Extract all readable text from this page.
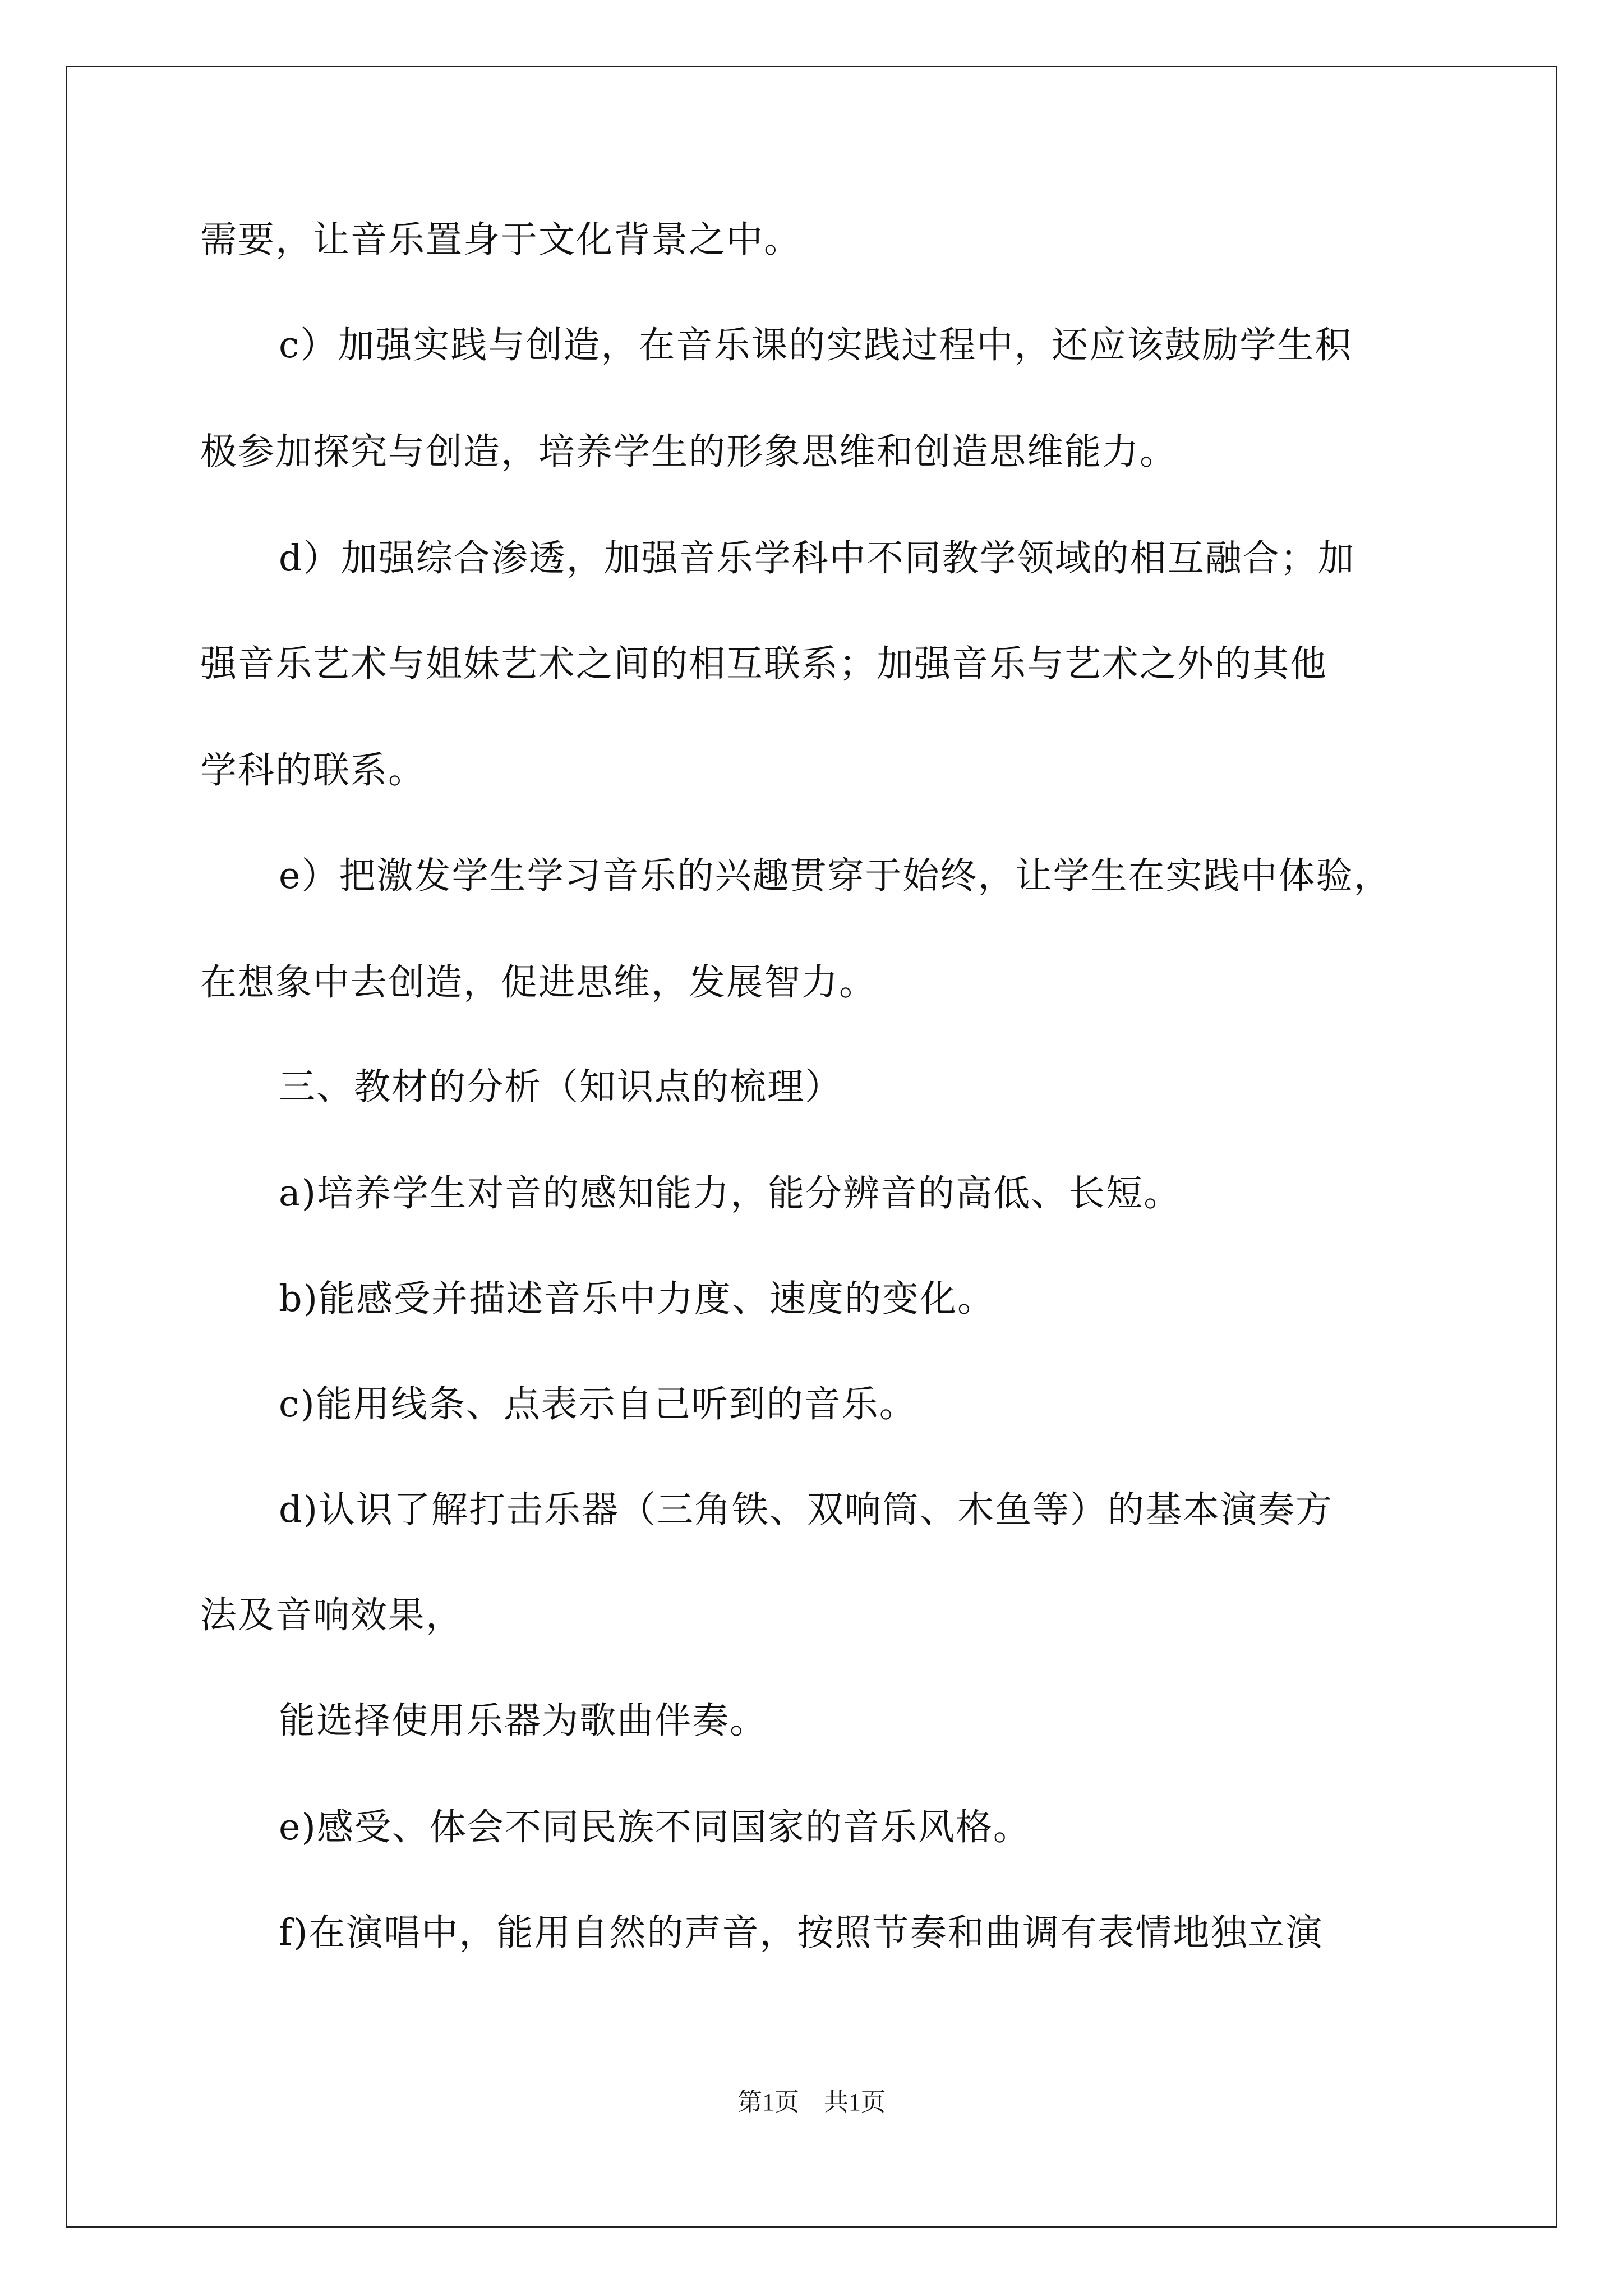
需要，让音乐置身于文化背景之中。
c）加强实践与创造，在音乐课的实践过程中，还应该鼓励学生积
极参加探究与创造，培养学生的形象思维和创造思维能力。
d）加强综合渗透，加强音乐学科中不同教学领域的相互融合；加
强音乐艺术与姐妹艺术之间的相互联系；加强音乐与艺术之外的其他
学科的联系。
e）把激发学生学习音乐的兴趣贯穿于始终，让学生在实践中体验，
在想象中去创造，促进思维，发展智力。
三、教材的分析（知识点的梳理）
a)培养学生对音的感知能力，能分辨音的高低、长短。
b)能感受并描述音乐中力度、速度的变化。
c)能用线条、点表示自己听到的音乐。
d)认识了解打击乐器（三角铁、双响筒、木鱼等）的基本演奏方
法及音响效果，
能选择使用乐器为歌曲伴奏。
e)感受、体会不同民族不同国家的音乐风格。
f)在演唱中，能用自然的声音，按照节奏和曲调有表情地独立演
第1页　共1页
